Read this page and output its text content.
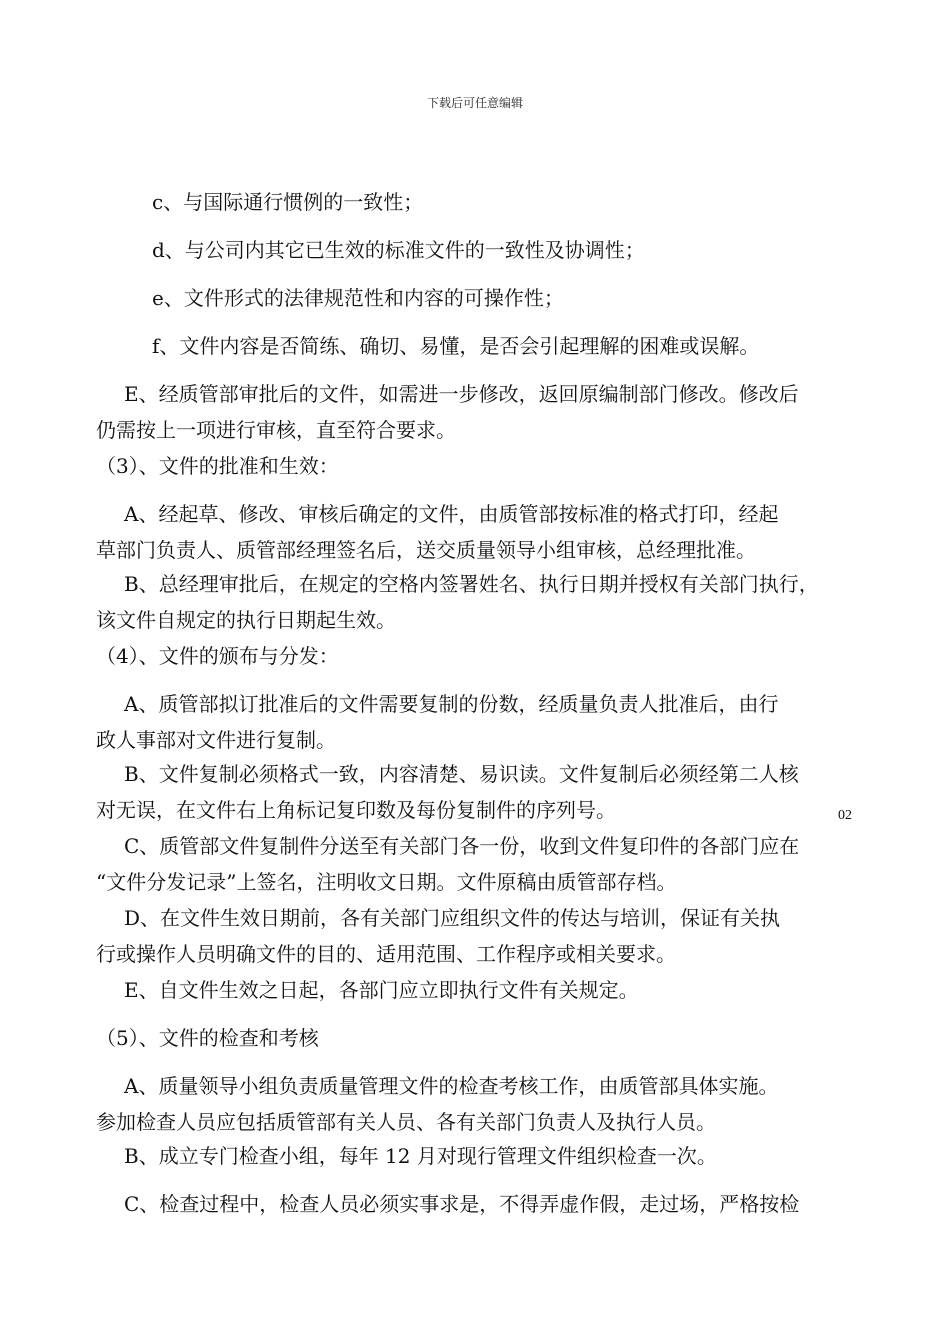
下载后可任意编辑
c、与国际通行惯例的一致性；
d、与公司内其它已生效的标准文件的一致性及协调性；
e、文件形式的法律规范性和内容的可操作性；
f、文件内容是否简练、确切、易懂，是否会引起理解的困难或误解。
E、经质管部审批后的文件，如需进一步修改，返回原编制部门修改。修改后
仍需按上一项进行审核，直至符合要求。
（3）、文件的批准和生效：
A、经起草、修改、审核后确定的文件，由质管部按标准的格式打印，经起
草部门负责人、质管部经理签名后，送交质量领导小组审核，总经理批准。
B、总经理审批后，在规定的空格内签署姓名、执行日期并授权有关部门执行，
该文件自规定的执行日期起生效。
（4）、文件的颁布与分发：
A、质管部拟订批准后的文件需要复制的份数，经质量负责人批准后，由行
政人事部对文件进行复制。
B、文件复制必须格式一致，内容清楚、易识读。文件复制后必须经第二人核
对无误，在文件右上角标记复印数及每份复制件的序列号。	02
C、质管部文件复制件分送至有关部门各一份，收到文件复印件的各部门应在
“文件分发记录”上签名，注明收文日期。文件原稿由质管部存档。
D、在文件生效日期前，各有关部门应组织文件的传达与培训，保证有关执
行或操作人员明确文件的目的、适用范围、工作程序或相关要求。
E、自文件生效之日起，各部门应立即执行文件有关规定。
（5）、文件的检查和考核
A、质量领导小组负责质量管理文件的检查考核工作，由质管部具体实施。
参加检查人员应包括质管部有关人员、各有关部门负责人及执行人员。
B、成立专门检查小组，每年 12 月对现行管理文件组织检查一次。
C、检查过程中，检查人员必须实事求是，不得弄虚作假，走过场，严格按检
